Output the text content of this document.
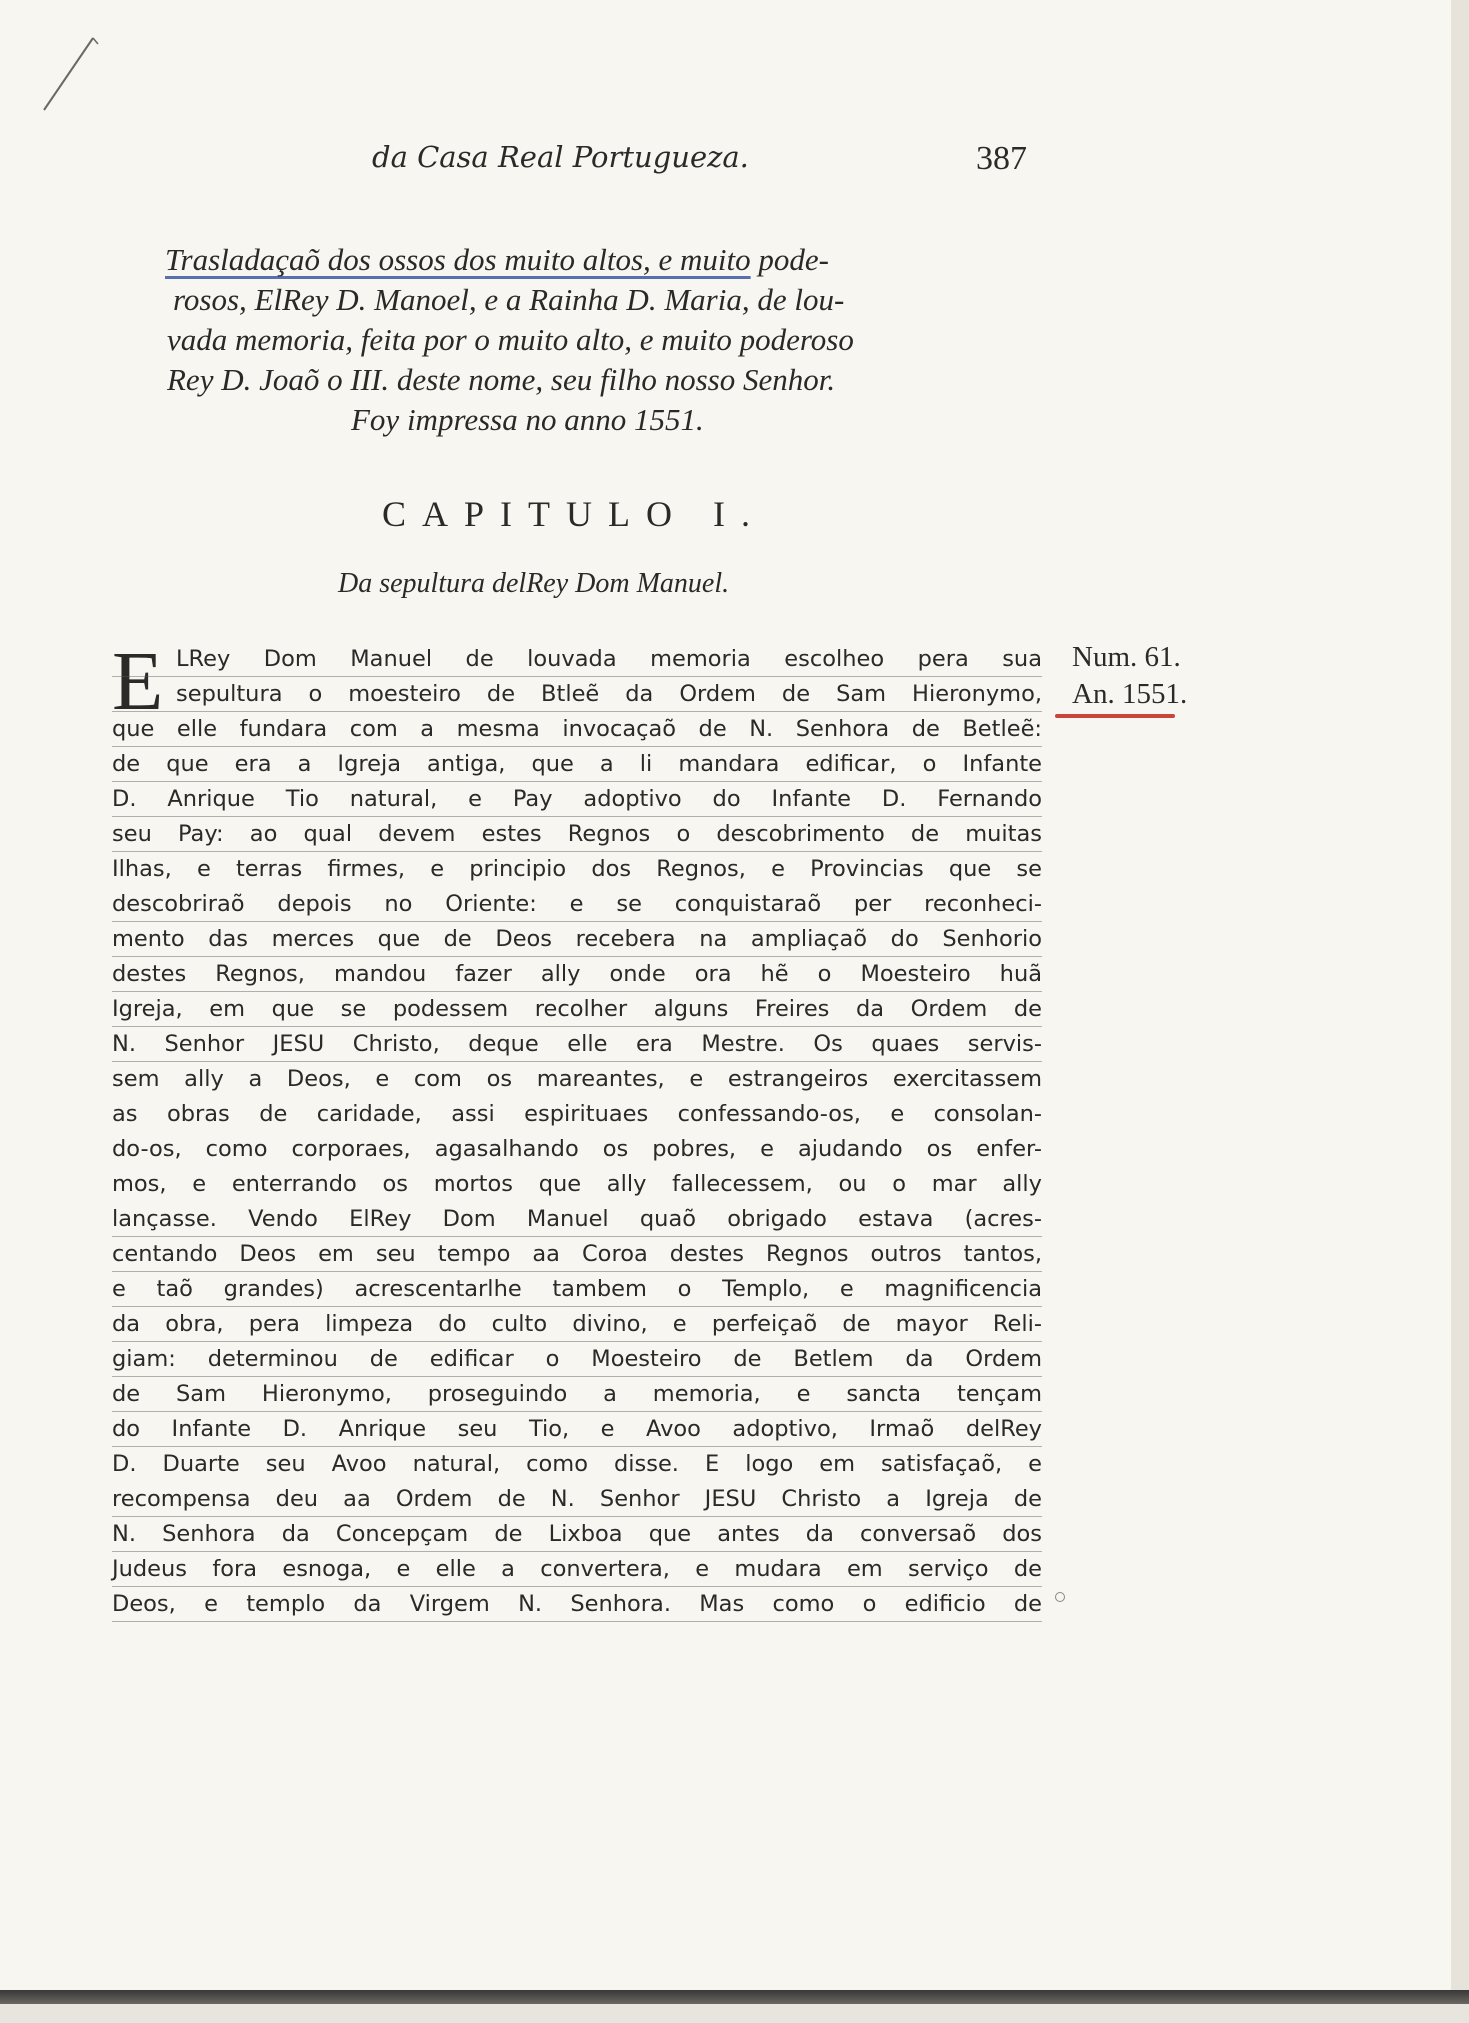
da Casa Real Portugueza.	387
Trasladaçaõ dos ossos dos muito altos, e muito pode-
rosos, ElRey D. Manoel, e a Rainha D. Maria, de lou-
vada memoria, feita por o muito alto, e muito poderoso
Rey D. Joaõ o III. deste nome, seu filho nosso Senhor.
Foy impressa no anno 1551.
CAPITULO I.
Da sepultura delRey Dom Manuel.
E LRey Dom Manuel de louvada memoria escolheo pera sua
sepultura o moesteiro de Btleẽ da Ordem de Sam Hieronymo,
que elle fundara com a mesma invocaçaõ de N. Senhora de Betleẽ:
de que era a Igreja antiga, que a li mandara edificar, o Infante
D. Anrique Tio natural, e Pay adoptivo do Infante D. Fernando
seu Pay: ao qual devem estes Regnos o descobrimento de muitas
Ilhas, e terras firmes, e principio dos Regnos, e Provincias que se
descobriraõ depois no Oriente: e se conquistaraõ per reconheci-
mento das merces que de Deos recebera na ampliaçaõ do Senhorio
destes Regnos, mandou fazer ally onde ora hẽ o Moesteiro huã
Igreja, em que se podessem recolher alguns Freires da Ordem de
N. Senhor JESU Christo, deque elle era Mestre. Os quaes servis-
sem ally a Deos, e com os mareantes, e estrangeiros exercitassem
as obras de caridade, assi espirituaes confessando-os, e consolan-
do-os, como corporaes, agasalhando os pobres, e ajudando os enfer-
mos, e enterrando os mortos que ally fallecessem, ou o mar ally
lançasse. Vendo ElRey Dom Manuel quaõ obrigado estava (acres-
centando Deos em seu tempo aa Coroa destes Regnos outros tantos,
e taõ grandes) acrescentarlhe tambem o Templo, e magnificencia
da obra, pera limpeza do culto divino, e perfeiçaõ de mayor Reli-
giam: determinou de edificar o Moesteiro de Betlem da Ordem
de Sam Hieronymo, proseguindo a memoria, e sancta tençam
do Infante D. Anrique seu Tio, e Avoo adoptivo, Irmaõ delRey
D. Duarte seu Avoo natural, como disse. E logo em satisfaçaõ, e
recompensa deu aa Ordem de N. Senhor JESU Christo a Igreja de
N. Senhora da Concepçam de Lixboa que antes da conversaõ dos
Judeus fora esnoga, e elle a convertera, e mudara em serviço de
Deos, e templo da Virgem N. Senhora. Mas como o edificio de
Num. 61.
An. 1551.
